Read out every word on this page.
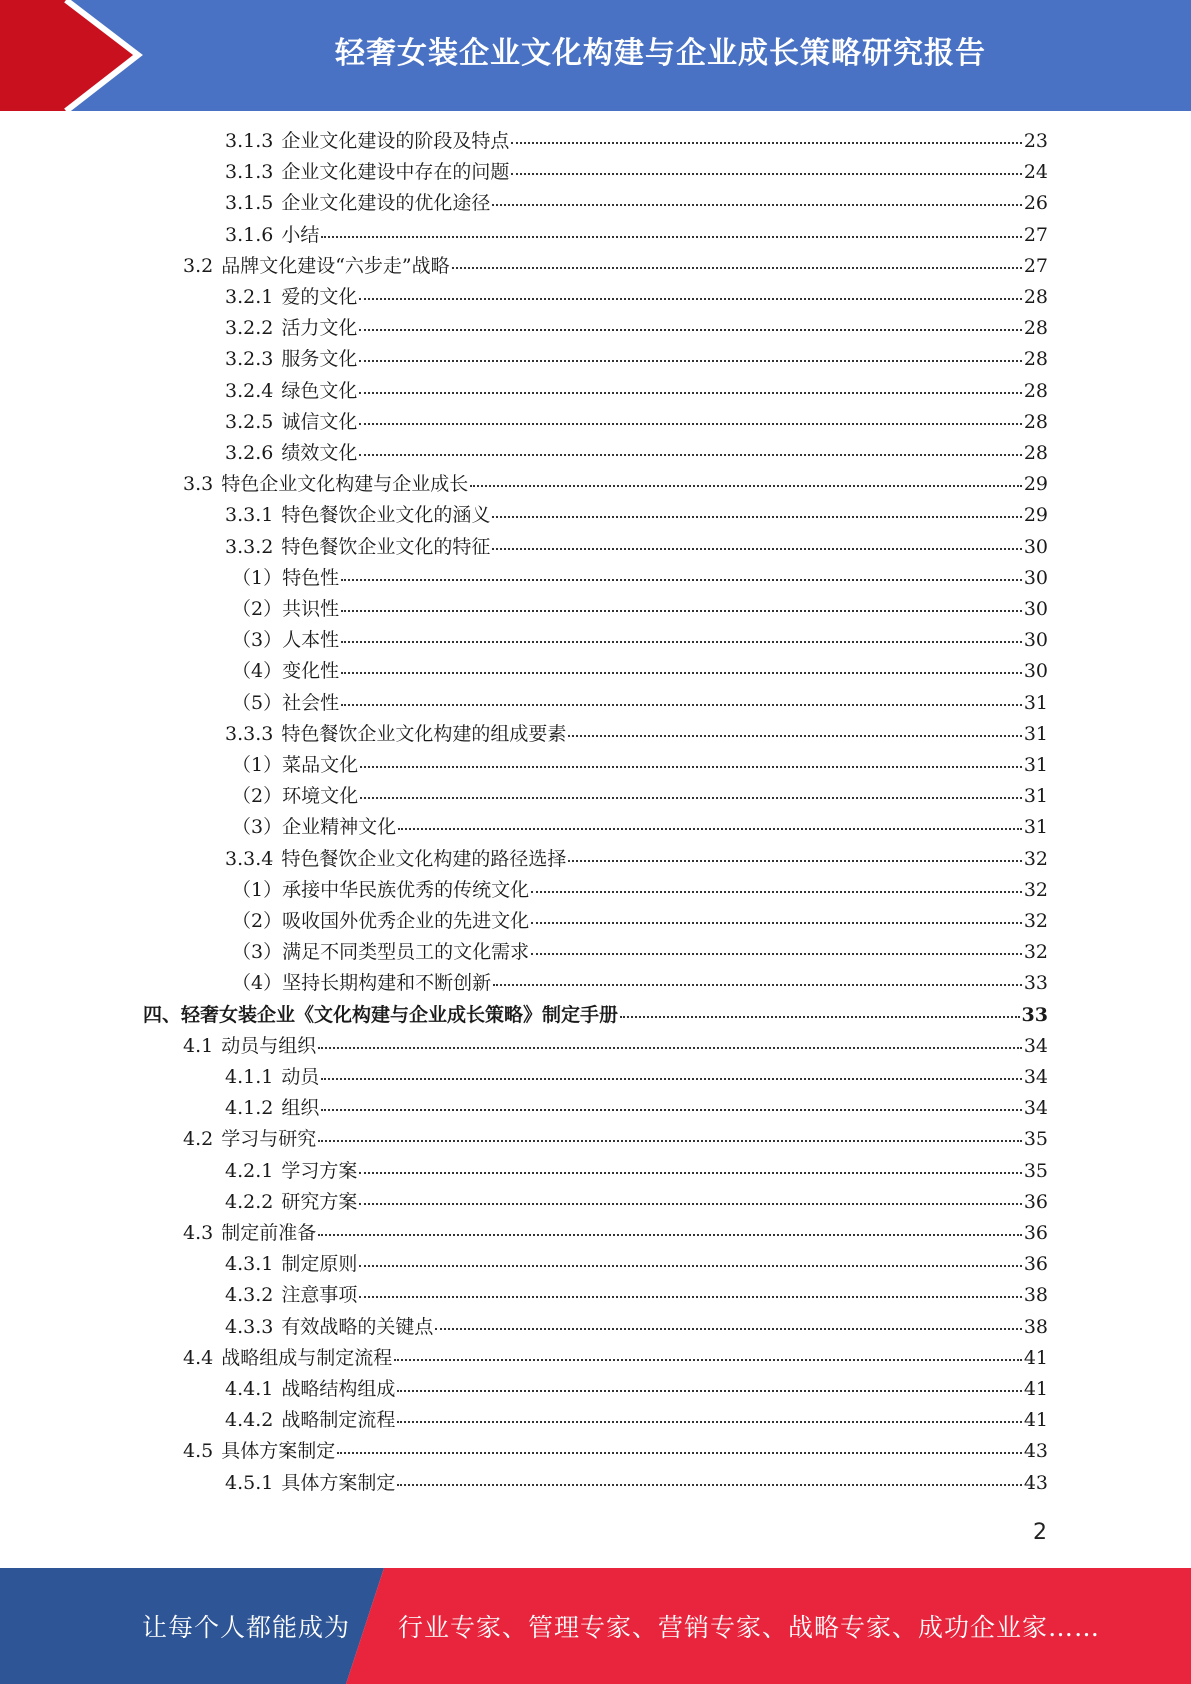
轻奢女装企业文化构建与企业成长策略研究报告
3.1.3 企业文化建设的阶段及特点	23
3.1.3 企业文化建设中存在的问题	24
3.1.5 企业文化建设的优化途径	26
3.1.6 小结	27
3.2 品牌文化建设“六步走”战略	27
3.2.1 爱的文化	28
3.2.2 活力文化	28
3.2.3 服务文化	28
3.2.4 绿色文化	28
3.2.5 诚信文化	28
3.2.6 绩效文化	28
3.3 特色企业文化构建与企业成长	29
3.3.1 特色餐饮企业文化的涵义	29
3.3.2 特色餐饮企业文化的特征	30
（1） 特色性	30
（2） 共识性	30
（3） 人本性	30
（4） 变化性	30
（5） 社会性	31
3.3.3 特色餐饮企业文化构建的组成要素	31
（1） 菜品文化	31
（2） 环境文化	31
（3） 企业精神文化	31
3.3.4 特色餐饮企业文化构建的路径选择	32
（1） 承接中华民族优秀的传统文化	32
（2） 吸收国外优秀企业的先进文化	32
（3） 满足不同类型员工的文化需求	32
（4） 坚持长期构建和不断创新	33
四、 轻奢女装企业《文化构建与企业成长策略》制定手册	33
4.1 动员与组织	34
4.1.1 动员	34
4.1.2 组织	34
4.2 学习与研究	35
4.2.1 学习方案	35
4.2.2 研究方案	36
4.3 制定前准备	36
4.3.1 制定原则	36
4.3.2 注意事项	38
4.3.3 有效战略的关键点	38
4.4 战略组成与制定流程	41
4.4.1 战略结构组成	41
4.4.2 战略制定流程	41
4.5 具体方案制定	43
4.5.1 具体方案制定	43
2
让每个人都能成为 行业专家、管理专家、营销专家、战略专家、成功企业家……
